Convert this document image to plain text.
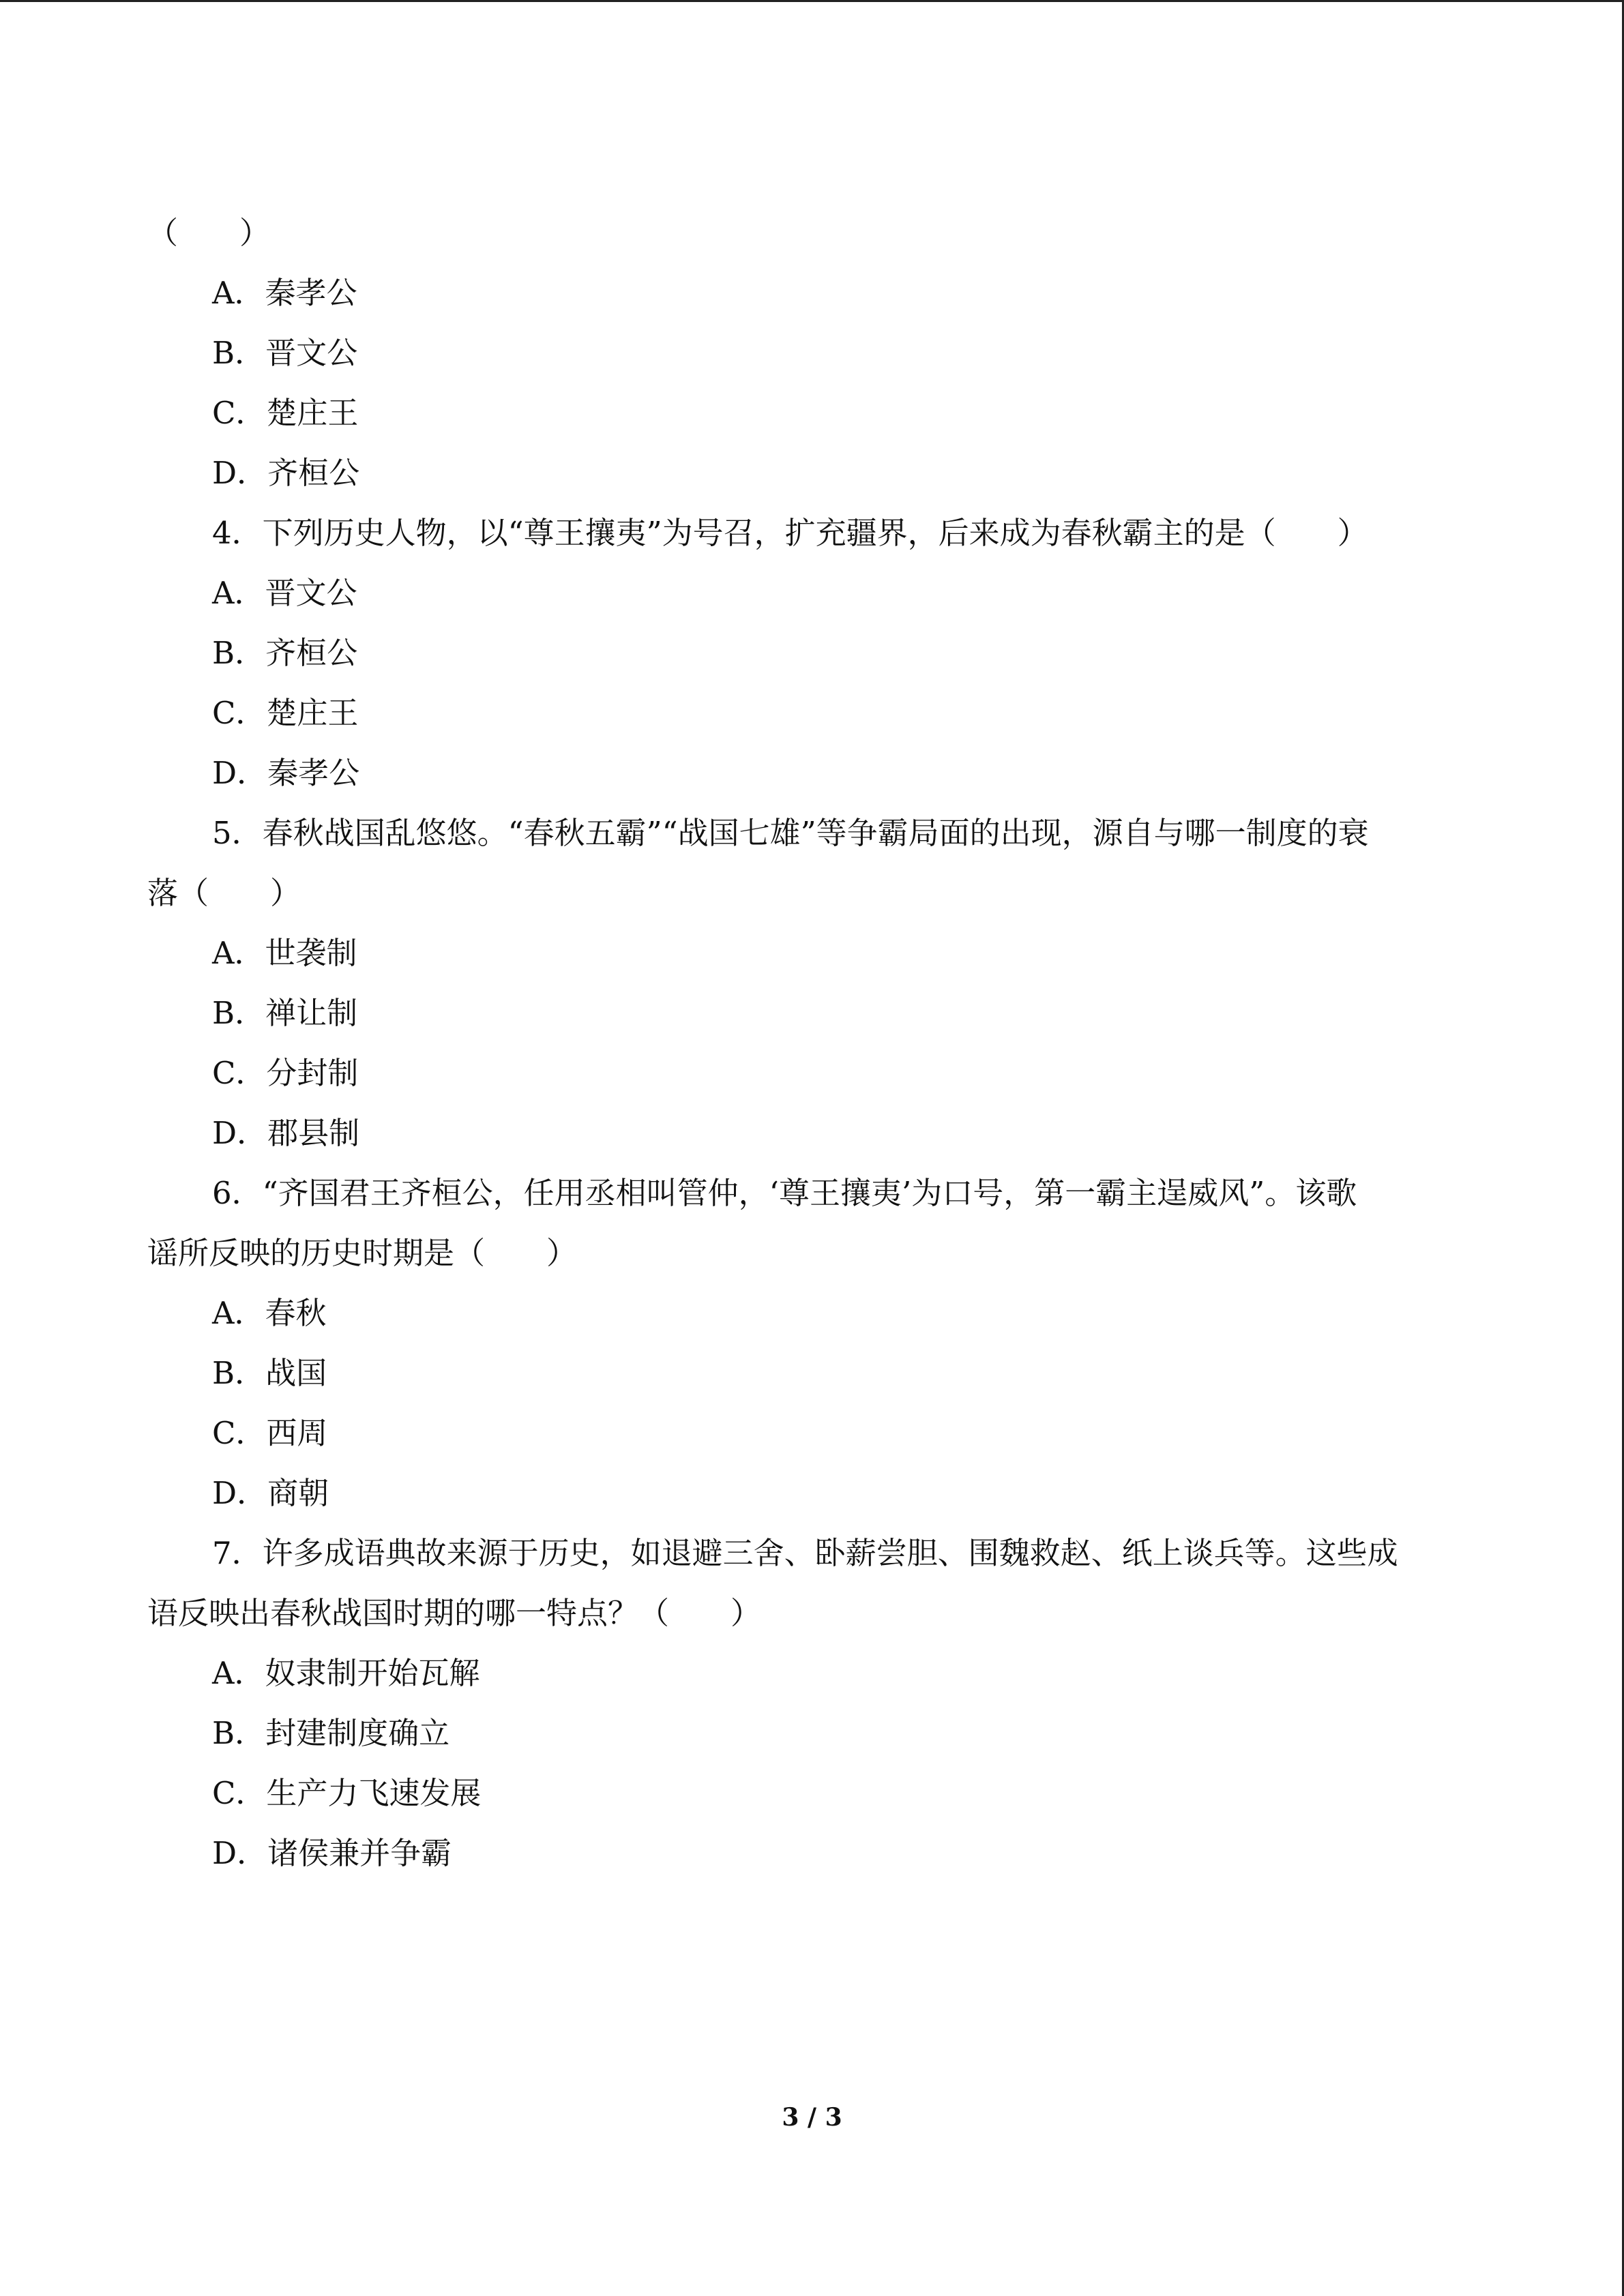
（　　）
A．秦孝公
B．晋文公
C．楚庄王
D．齐桓公
4．下列历史人物，以“尊王攘夷”为号召，扩充疆界，后来成为春秋霸主的是（　　）
A．晋文公
B．齐桓公
C．楚庄王
D．秦孝公
5．春秋战国乱悠悠。“春秋五霸”“战国七雄”等争霸局面的出现，源自与哪一制度的衰
落（　　）
A．世袭制
B．禅让制
C．分封制
D．郡县制
6．“齐国君王齐桓公，任用丞相叫管仲，‘尊王攘夷’为口号，第一霸主逞威风”。该歌
谣所反映的历史时期是（　　）
A．春秋
B．战国
C．西周
D．商朝
7．许多成语典故来源于历史，如退避三舍、卧薪尝胆、围魏救赵、纸上谈兵等。这些成
语反映出春秋战国时期的哪一特点？（　　）
A．奴隶制开始瓦解
B．封建制度确立
C．生产力飞速发展
D．诸侯兼并争霸
3 / 3
